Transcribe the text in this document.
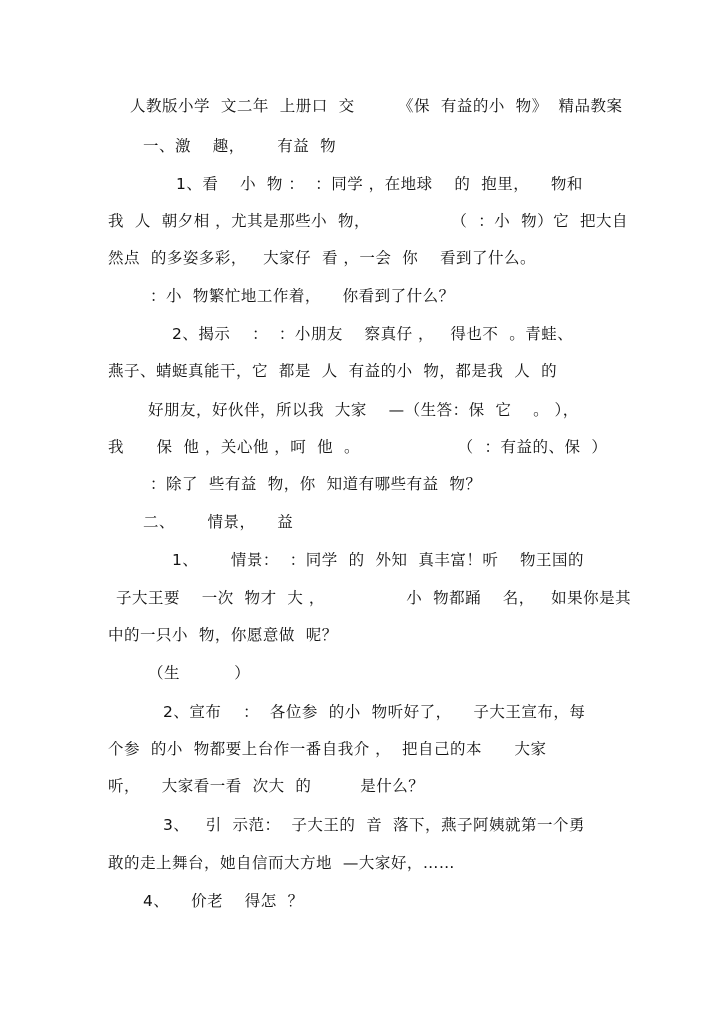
人教版小学  文二年  上册口  交        《保  有益的小  物》  精品教案
一、激    趣，      有益  物
1、看    小  物 ：  ：同学 ，在地球    的  抱里，    物和
我  人  朝夕相 ，尤其是那些小  物，               （  ：小  物）它  把大自
然点  的多姿多彩，   大家仔  看 ，一会  你    看到了什么。
：小  物繁忙地工作着，    你看到了什么？
2、揭示    ：  ：小朋友    察真仔 ，   得也不  。青蛙、
燕子、蜻蜓真能干，它  都是  人  有益的小  物，都是我  人  的
好朋友，好伙伴，所以我  大家    —（生答：保  它    。 ），
我      保  他 ，关心他 ，呵  他  。                  （  ：有益的、保  ）
：除了  些有益  物，你  知道有哪些有益  物？
二、      情景，    益
1、      情景：  ：同学  的  外知  真丰富！听    物王国的
子大王要    一次  物才  大 ，               小  物都踊    名，   如果你是其
中的一只小  物，你愿意做  呢？
（生          ）
2、宣布    ：  各位参  的小  物听好了，    子大王宣布，每
个参  的小  物都要上台作一番自我介 ，  把自己的本      大家
听，    大家看一看  次大  的         是什么？
3、   引  示范：  子大王的  音  落下，燕子阿姨就第一个勇
敢的走上舞台，她自信而大方地  —大家好，……
4、    价老    得怎  ？
